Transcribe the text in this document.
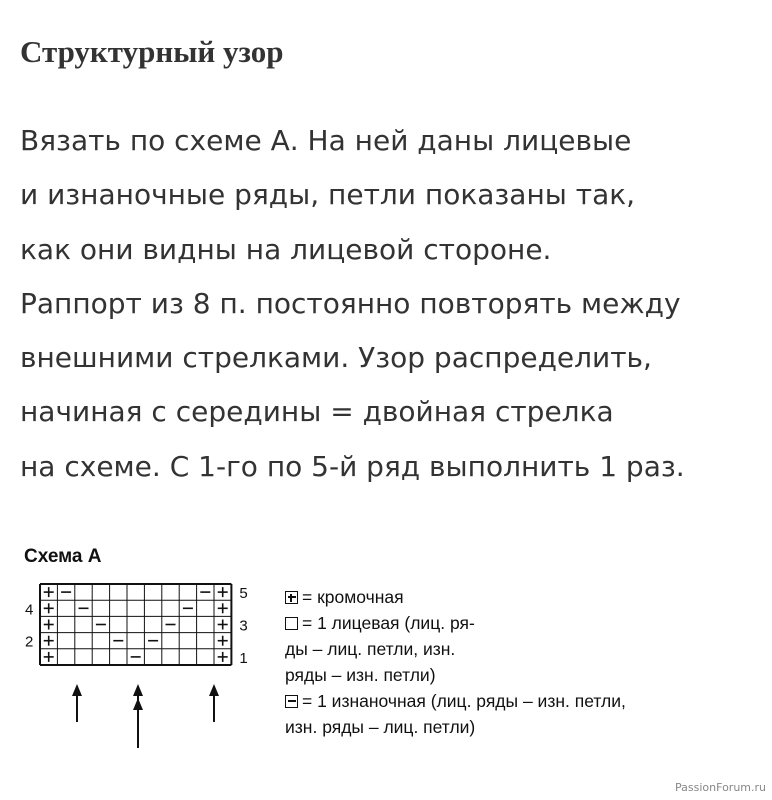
Структурный узор
Вязать по схеме А. На ней даны лицевые
и изнаночные ряды, петли показаны так,
как они видны на лицевой стороне.
Раппорт из 8 п. постоянно повторять между
внешними стрелками. Узор распределить,
начиная с середины = двойная стрелка
на схеме. С 1-го по 5-й ряд выполнить 1 раз.
Схема А
5
3
1
4
2
= кромочная
= 1 лицевая (лиц. ря-
ды – лиц. петли, изн.
ряды – изн. петли)
= 1 изнаночная (лиц. ряды – изн. петли,
изн. ряды – лиц. петли)
PassionForum.ru
